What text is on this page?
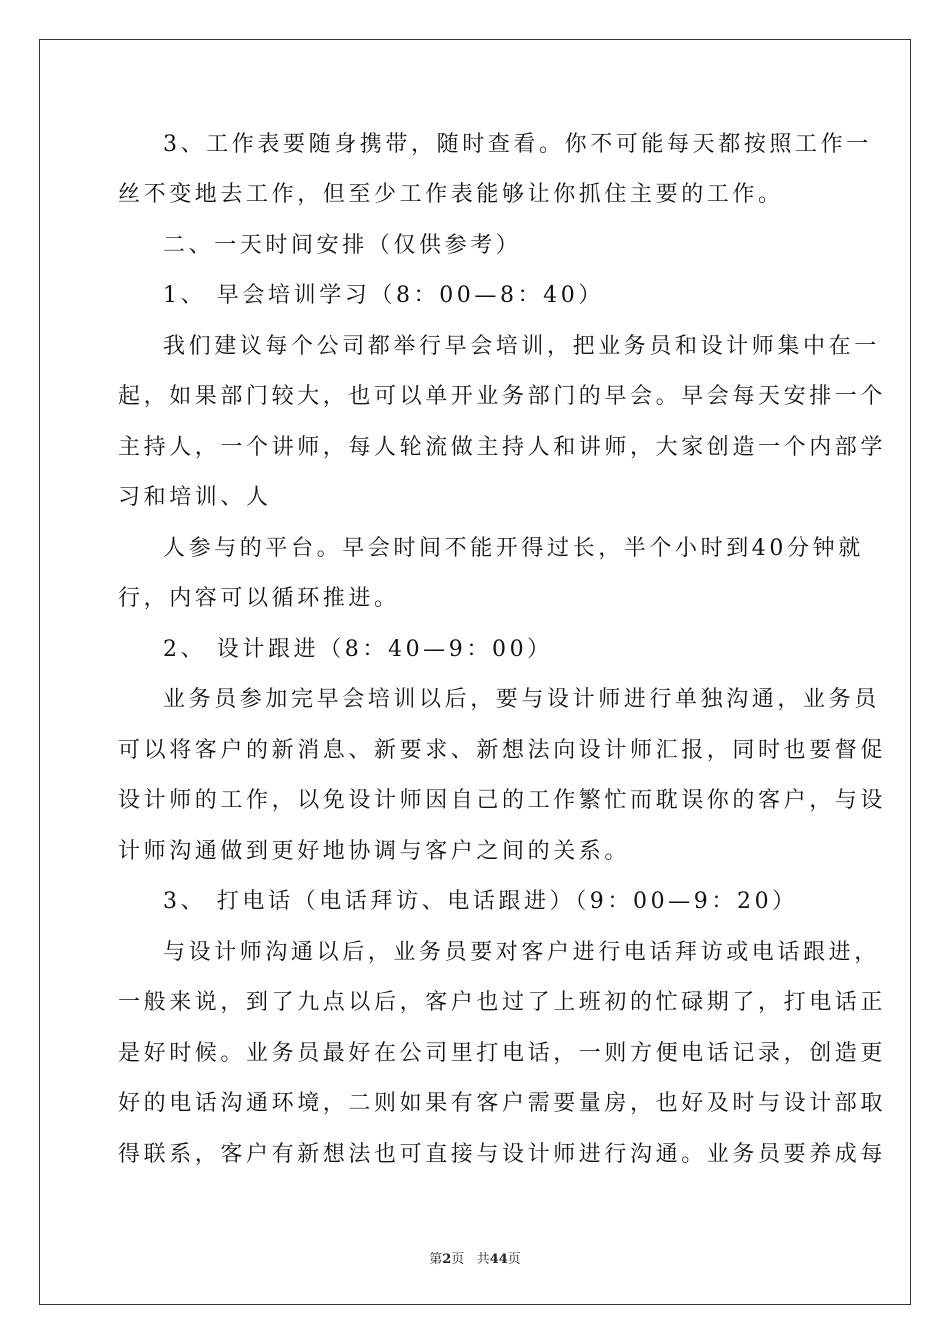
3、工作表要随身携带，随时查看。你不可能每天都按照工作一
丝不变地去工作，但至少工作表能够让你抓住主要的工作。
二、一天时间安排（仅供参考）
1、 早会培训学习（8：00—8：40）
我们建议每个公司都举行早会培训，把业务员和设计师集中在一
起，如果部门较大，也可以单开业务部门的早会。早会每天安排一个
主持人，一个讲师，每人轮流做主持人和讲师，大家创造一个内部学
习和培训、人
人参与的平台。早会时间不能开得过长，半个小时到40分钟就
行，内容可以循环推进。
2、 设计跟进（8：40—9：00）
业务员参加完早会培训以后，要与设计师进行单独沟通，业务员
可以将客户的新消息、新要求、新想法向设计师汇报，同时也要督促
设计师的工作，以免设计师因自己的工作繁忙而耽误你的客户，与设
计师沟通做到更好地协调与客户之间的关系。
3、 打电话（电话拜访、电话跟进）（9：00—9：20）
与设计师沟通以后，业务员要对客户进行电话拜访或电话跟进，
一般来说，到了九点以后，客户也过了上班初的忙碌期了，打电话正
是好时候。业务员最好在公司里打电话，一则方便电话记录，创造更
好的电话沟通环境，二则如果有客户需要量房，也好及时与设计部取
得联系，客户有新想法也可直接与设计师进行沟通。业务员要养成每
第2页 共44页
